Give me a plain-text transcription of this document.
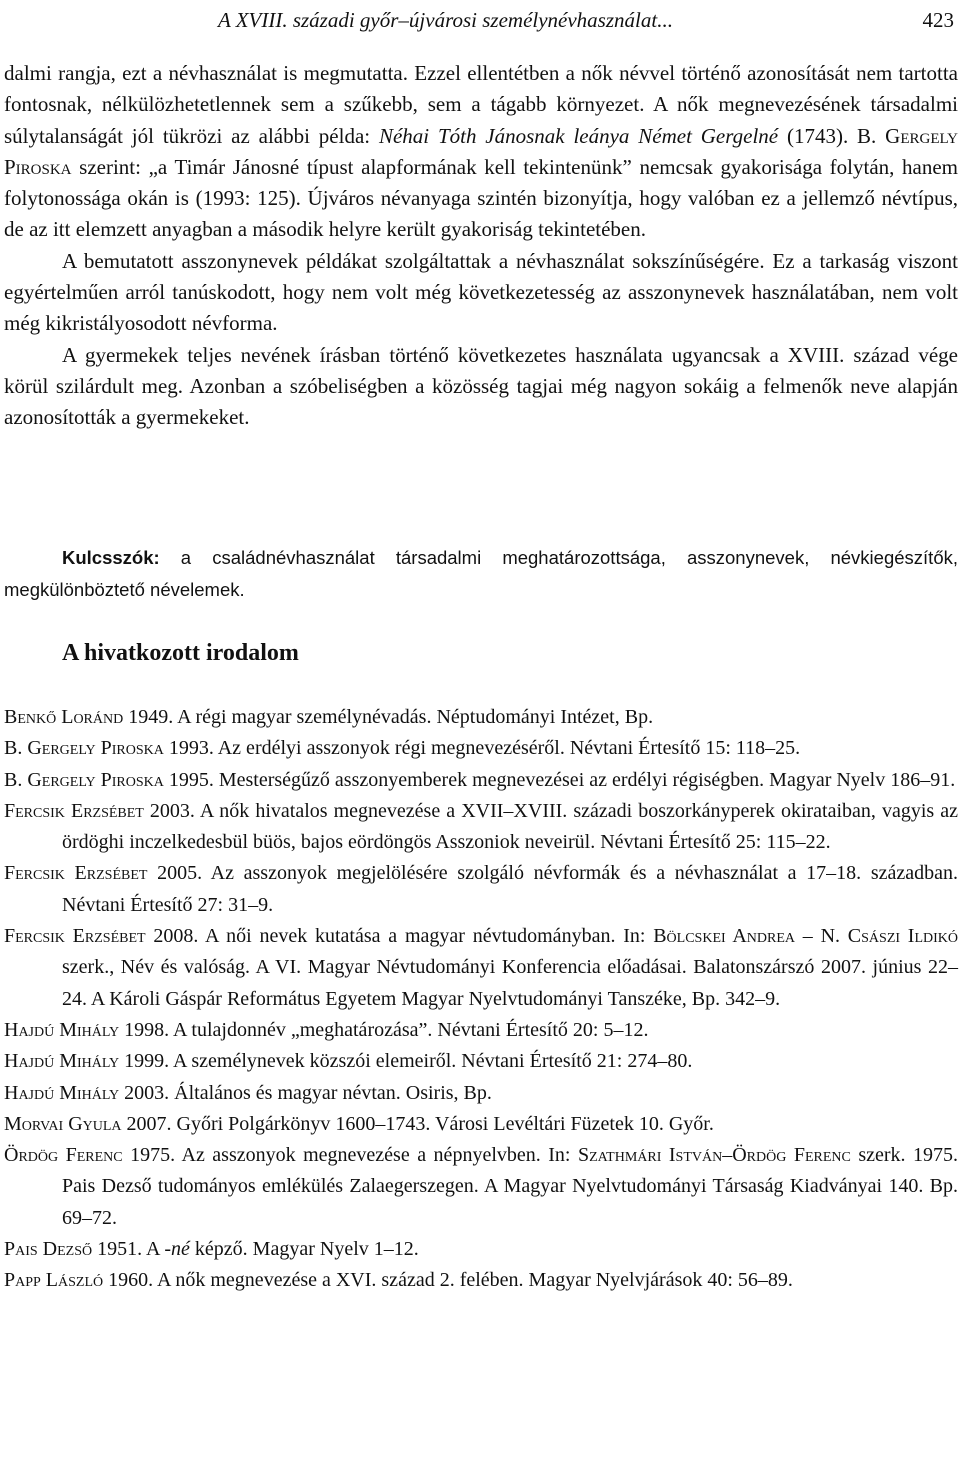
A XVIII. századi győr–újvárosi személynévhasználat...	423

dalmi rangja, ezt a névhasználat is megmutatta. Ezzel ellentétben a nők névvel történő azonosítását nem tartotta fontosnak, nélkülözhetetlennek sem a szűkebb, sem a tágabb környezet. A nők megnevezésének társadalmi súlytalanságát jól tükrözi az alábbi példa: Néhai Tóth Jánosnak leánya Német Gergelné (1743). B. Gergely Piroska szerint: „a Timár Jánosné típust alapformának kell tekintenünk” nemcsak gyakorisága folytán, hanem folytonossága okán is (1993: 125). Újváros névanyaga szintén bizonyítja, hogy valóban ez a jellemző névtípus, de az itt elemzett anyagban a második helyre került gyakoriság tekintetében.

A bemutatott asszonynevek példákat szolgáltattak a névhasználat sokszínűségére. Ez a tarkaság viszont egyértelműen arról tanúskodott, hogy nem volt még következetesség az asszonynevek használatában, nem volt még kikristályosodott névforma.

A gyermekek teljes nevének írásban történő következetes használata ugyancsak a XVIII. század vége körül szilárdult meg. Azonban a szóbeliségben a közösség tagjai még nagyon sokáig a felmenők neve alapján azonosították a gyermekeket.

Kulcsszók: a családnévhasználat társadalmi meghatározottsága, asszonynevek, névkiegészítők, megkülönböztető névelemek.

A hivatkozott irodalom

Benkő Loránd 1949. A régi magyar személynévadás. Néptudományi Intézet, Bp.

B. Gergely Piroska 1993. Az erdélyi asszonyok régi megnevezéséről. Névtani Értesítő 15: 118–25.

B. Gergely Piroska 1995. Mesterségűző asszonyemberek megnevezései az erdélyi régiségben. Magyar Nyelv 186–91.

Fercsik Erzsébet 2003. A nők hivatalos megnevezése a XVII–XVIII. századi boszorkányperek okirataiban, vagyis az ördöghi inczelkedesbül büös, bajos eördöngös Asszoniok neveirül. Névtani Értesítő 25: 115–22.

Fercsik Erzsébet 2005. Az asszonyok megjelölésére szolgáló névformák és a névhasználat a 17–18. században. Névtani Értesítő 27: 31–9.

Fercsik Erzsébet 2008. A női nevek kutatása a magyar névtudományban. In: Bölcskei Andrea – N. Császi Ildikó szerk., Név és valóság. A VI. Magyar Névtudományi Konferencia előadásai. Balatonszárszó 2007. június 22–24. A Károli Gáspár Református Egyetem Magyar Nyelvtudományi Tanszéke, Bp. 342–9.

Hajdú Mihály 1998. A tulajdonnév „meghatározása”. Névtani Értesítő 20: 5–12.

Hajdú Mihály 1999. A személynevek közszói elemeiről. Névtani Értesítő 21: 274–80.

Hajdú Mihály 2003. Általános és magyar névtan. Osiris, Bp.

Morvai Gyula 2007. Győri Polgárkönyv 1600–1743. Városi Levéltári Füzetek 10. Győr.

Ördög Ferenc 1975. Az asszonyok megnevezése a népnyelvben. In: Szathmári István–Ördög Ferenc szerk. 1975. Pais Dezső tudományos emlékülés Zalaegerszegen. A Magyar Nyelvtudományi Társaság Kiadványai 140. Bp. 69–72.

Pais Dezső 1951. A -né képző. Magyar Nyelv 1–12.

Papp László 1960. A nők megnevezése a XVI. század 2. felében. Magyar Nyelvjárások 40: 56–89.
